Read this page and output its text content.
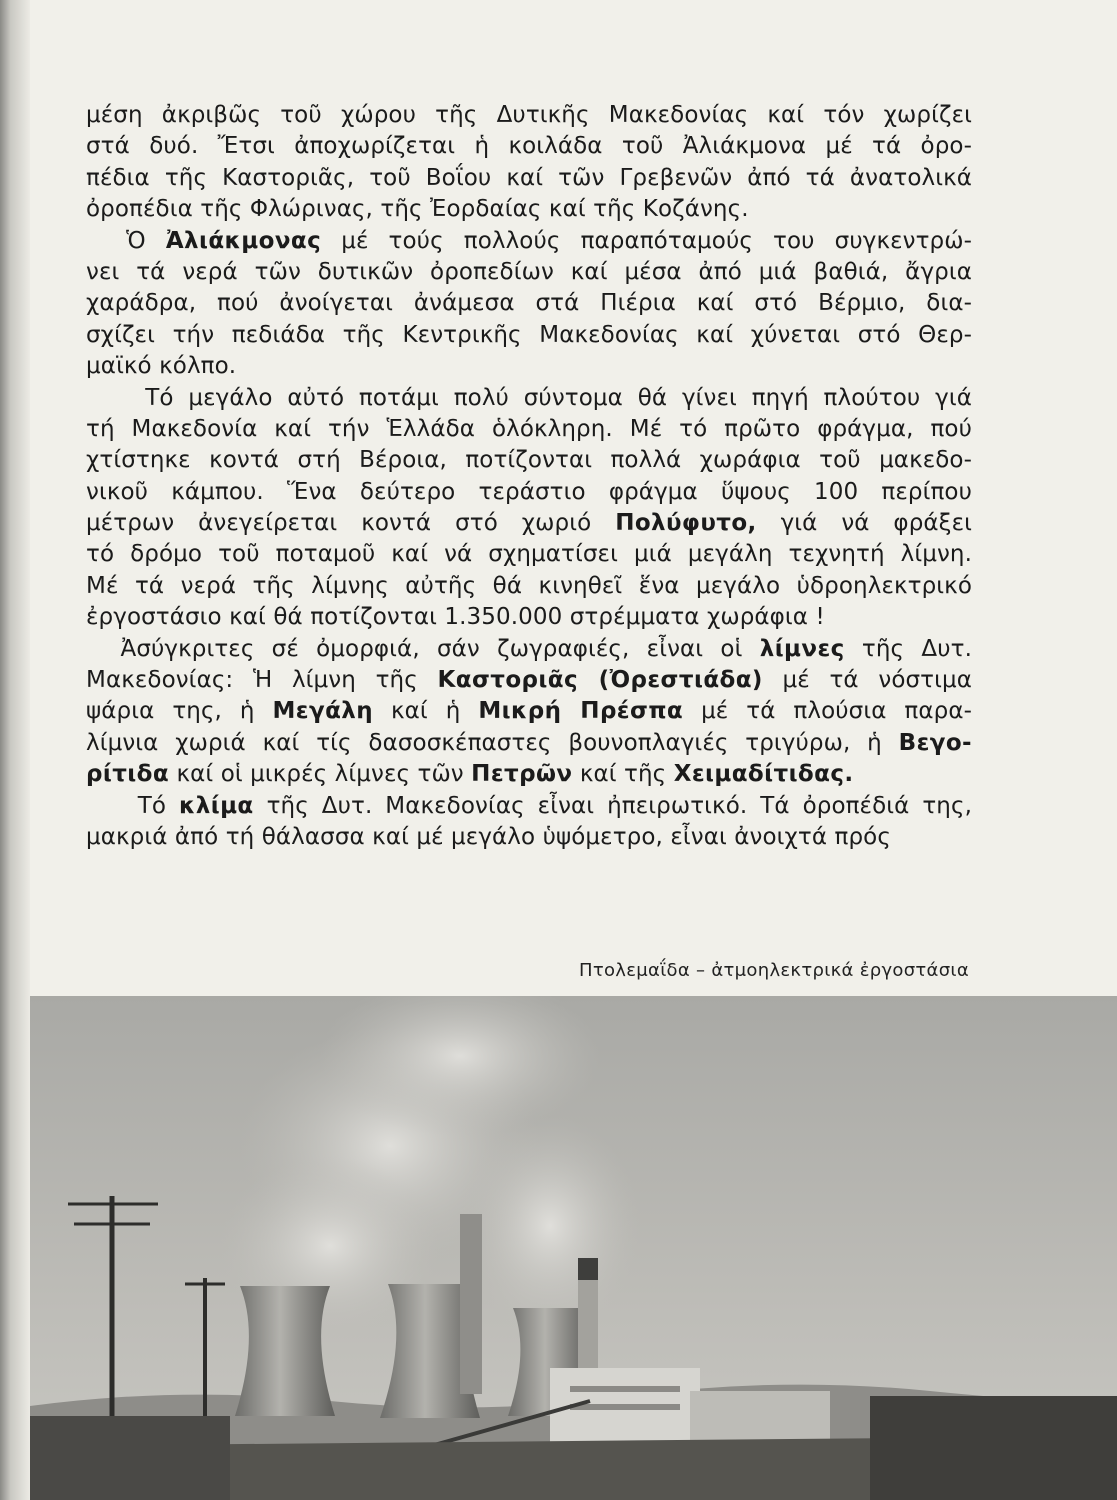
μέση ἀκριβῶς τοῦ χώρου τῆς Δυτικῆς Μακεδονίας καί τόν χωρίζει
στά δυό. Ἔτσι ἀποχωρίζεται ἡ κοιλάδα τοῦ Ἀλιάκμονα μέ τά ὀρο-
πέδια τῆς Καστοριᾶς, τοῦ Βοΐου καί τῶν Γρεβενῶν ἀπό τά ἀνατολικά
ὀροπέδια τῆς Φλώρινας, τῆς Ἐορδαίας καί τῆς Κοζάνης.
Ὁ Ἀλιάκμονας μέ τούς πολλούς παραπόταμούς του συγκεντρώ-
νει τά νερά τῶν δυτικῶν ὀροπεδίων καί μέσα ἀπό μιά βαθιά, ἄγρια
χαράδρα, πού ἀνοίγεται ἀνάμεσα στά Πιέρια καί στό Βέρμιο, δια-
σχίζει τήν πεδιάδα τῆς Κεντρικῆς Μακεδονίας καί χύνεται στό Θερ-
μαϊκό κόλπο.
Τό μεγάλο αὐτό ποτάμι πολύ σύντομα θά γίνει πηγή πλούτου γιά
τή Μακεδονία καί τήν Ἑλλάδα ὁλόκληρη. Μέ τό πρῶτο φράγμα, πού
χτίστηκε κοντά στή Βέροια, ποτίζονται πολλά χωράφια τοῦ μακεδο-
νικοῦ κάμπου. Ἕνα δεύτερο τεράστιο φράγμα ὕψους 100 περίπου
μέτρων ἀνεγείρεται κοντά στό χωριό Πολύφυτο, γιά νά φράξει
τό δρόμο τοῦ ποταμοῦ καί νά σχηματίσει μιά μεγάλη τεχνητή λίμνη.
Μέ τά νερά τῆς λίμνης αὐτῆς θά κινηθεῖ ἕνα μεγάλο ὑδροηλεκτρικό
ἐργοστάσιο καί θά ποτίζονται 1.350.000 στρέμματα χωράφια !
Ἀσύγκριτες σέ ὀμορφιά, σάν ζωγραφιές, εἶναι οἱ λίμνες τῆς Δυτ.
Μακεδονίας: Ἡ λίμνη τῆς Καστοριᾶς (Ὀρεστιάδα) μέ τά νόστιμα
ψάρια της, ἡ Μεγάλη καί ἡ Μικρή Πρέσπα μέ τά πλούσια παρα-
λίμνια χωριά καί τίς δασοσκέπαστες βουνοπλαγιές τριγύρω, ἡ Βεγο-
ρίτιδα καί οἱ μικρές λίμνες τῶν Πετρῶν καί τῆς Χειμαδίτιδας.
Τό κλίμα τῆς Δυτ. Μακεδονίας εἶναι ἠπειρωτικό. Τά ὀροπέδιά της,
μακριά ἀπό τή θάλασσα καί μέ μεγάλο ὑψόμετρο, εἶναι ἀνοιχτά πρός
Πτολεμαΐδα – ἀτμοηλεκτρικά ἐργοστάσια
